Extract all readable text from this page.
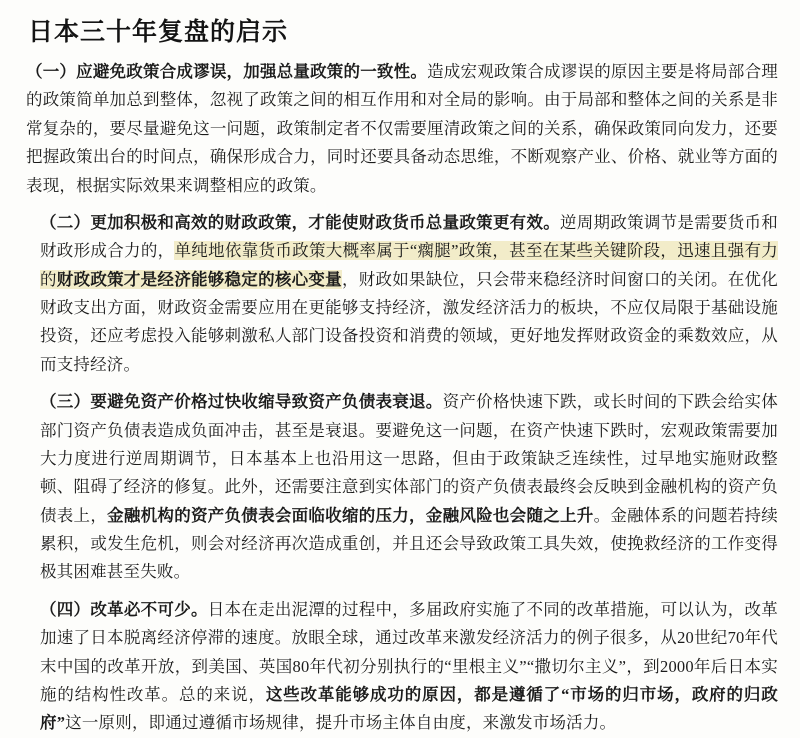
日本三十年复盘的启示
（一）应避免政策合成谬误，加强总量政策的一致性。造成宏观政策合成谬误的原因主要是将局部合理的政策简单加总到整体，忽视了政策之间的相互作用和对全局的影响。由于局部和整体之间的关系是非常复杂的，要尽量避免这一问题，政策制定者不仅需要厘清政策之间的关系，确保政策同向发力，还要把握政策出台的时间点，确保形成合力，同时还要具备动态思维，不断观察产业、价格、就业等方面的表现，根据实际效果来调整相应的政策。
（二）更加积极和高效的财政政策，才能使财政货币总量政策更有效。逆周期政策调节是需要货币和财政形成合力的，单纯地依靠货币政策大概率属于“瘸腿”政策，甚至在某些关键阶段，迅速且强有力的财政政策才是经济能够稳定的核心变量，财政如果缺位，只会带来稳经济时间窗口的关闭。在优化财政支出方面，财政资金需要应用在更能够支持经济，激发经济活力的板块，不应仅局限于基础设施投资，还应考虑投入能够刺激私人部门设备投资和消费的领域，更好地发挥财政资金的乘数效应，从而支持经济。
（三）要避免资产价格过快收缩导致资产负债表衰退。资产价格快速下跌，或长时间的下跌会给实体部门资产负债表造成负面冲击，甚至是衰退。要避免这一问题，在资产快速下跌时，宏观政策需要加大力度进行逆周期调节，日本基本上也沿用这一思路，但由于政策缺乏连续性，过早地实施财政整顿、阻碍了经济的修复。此外，还需要注意到实体部门的资产负债表最终会反映到金融机构的资产负债表上，金融机构的资产负债表会面临收缩的压力，金融风险也会随之上升。金融体系的问题若持续累积，或发生危机，则会对经济再次造成重创，并且还会导致政策工具失效，使挽救经济的工作变得极其困难甚至失败。
（四）改革必不可少。日本在走出泥潭的过程中，多届政府实施了不同的改革措施，可以认为，改革加速了日本脱离经济停滞的速度。放眼全球，通过改革来激发经济活力的例子很多，从20世纪70年代末中国的改革开放，到美国、英国80年代初分别执行的“里根主义”“撒切尔主义”，到2000年后日本实施的结构性改革。总的来说，这些改革能够成功的原因，都是遵循了“市场的归市场，政府的归政府”这一原则，即通过遵循市场规律，提升市场主体自由度，来激发市场活力。
